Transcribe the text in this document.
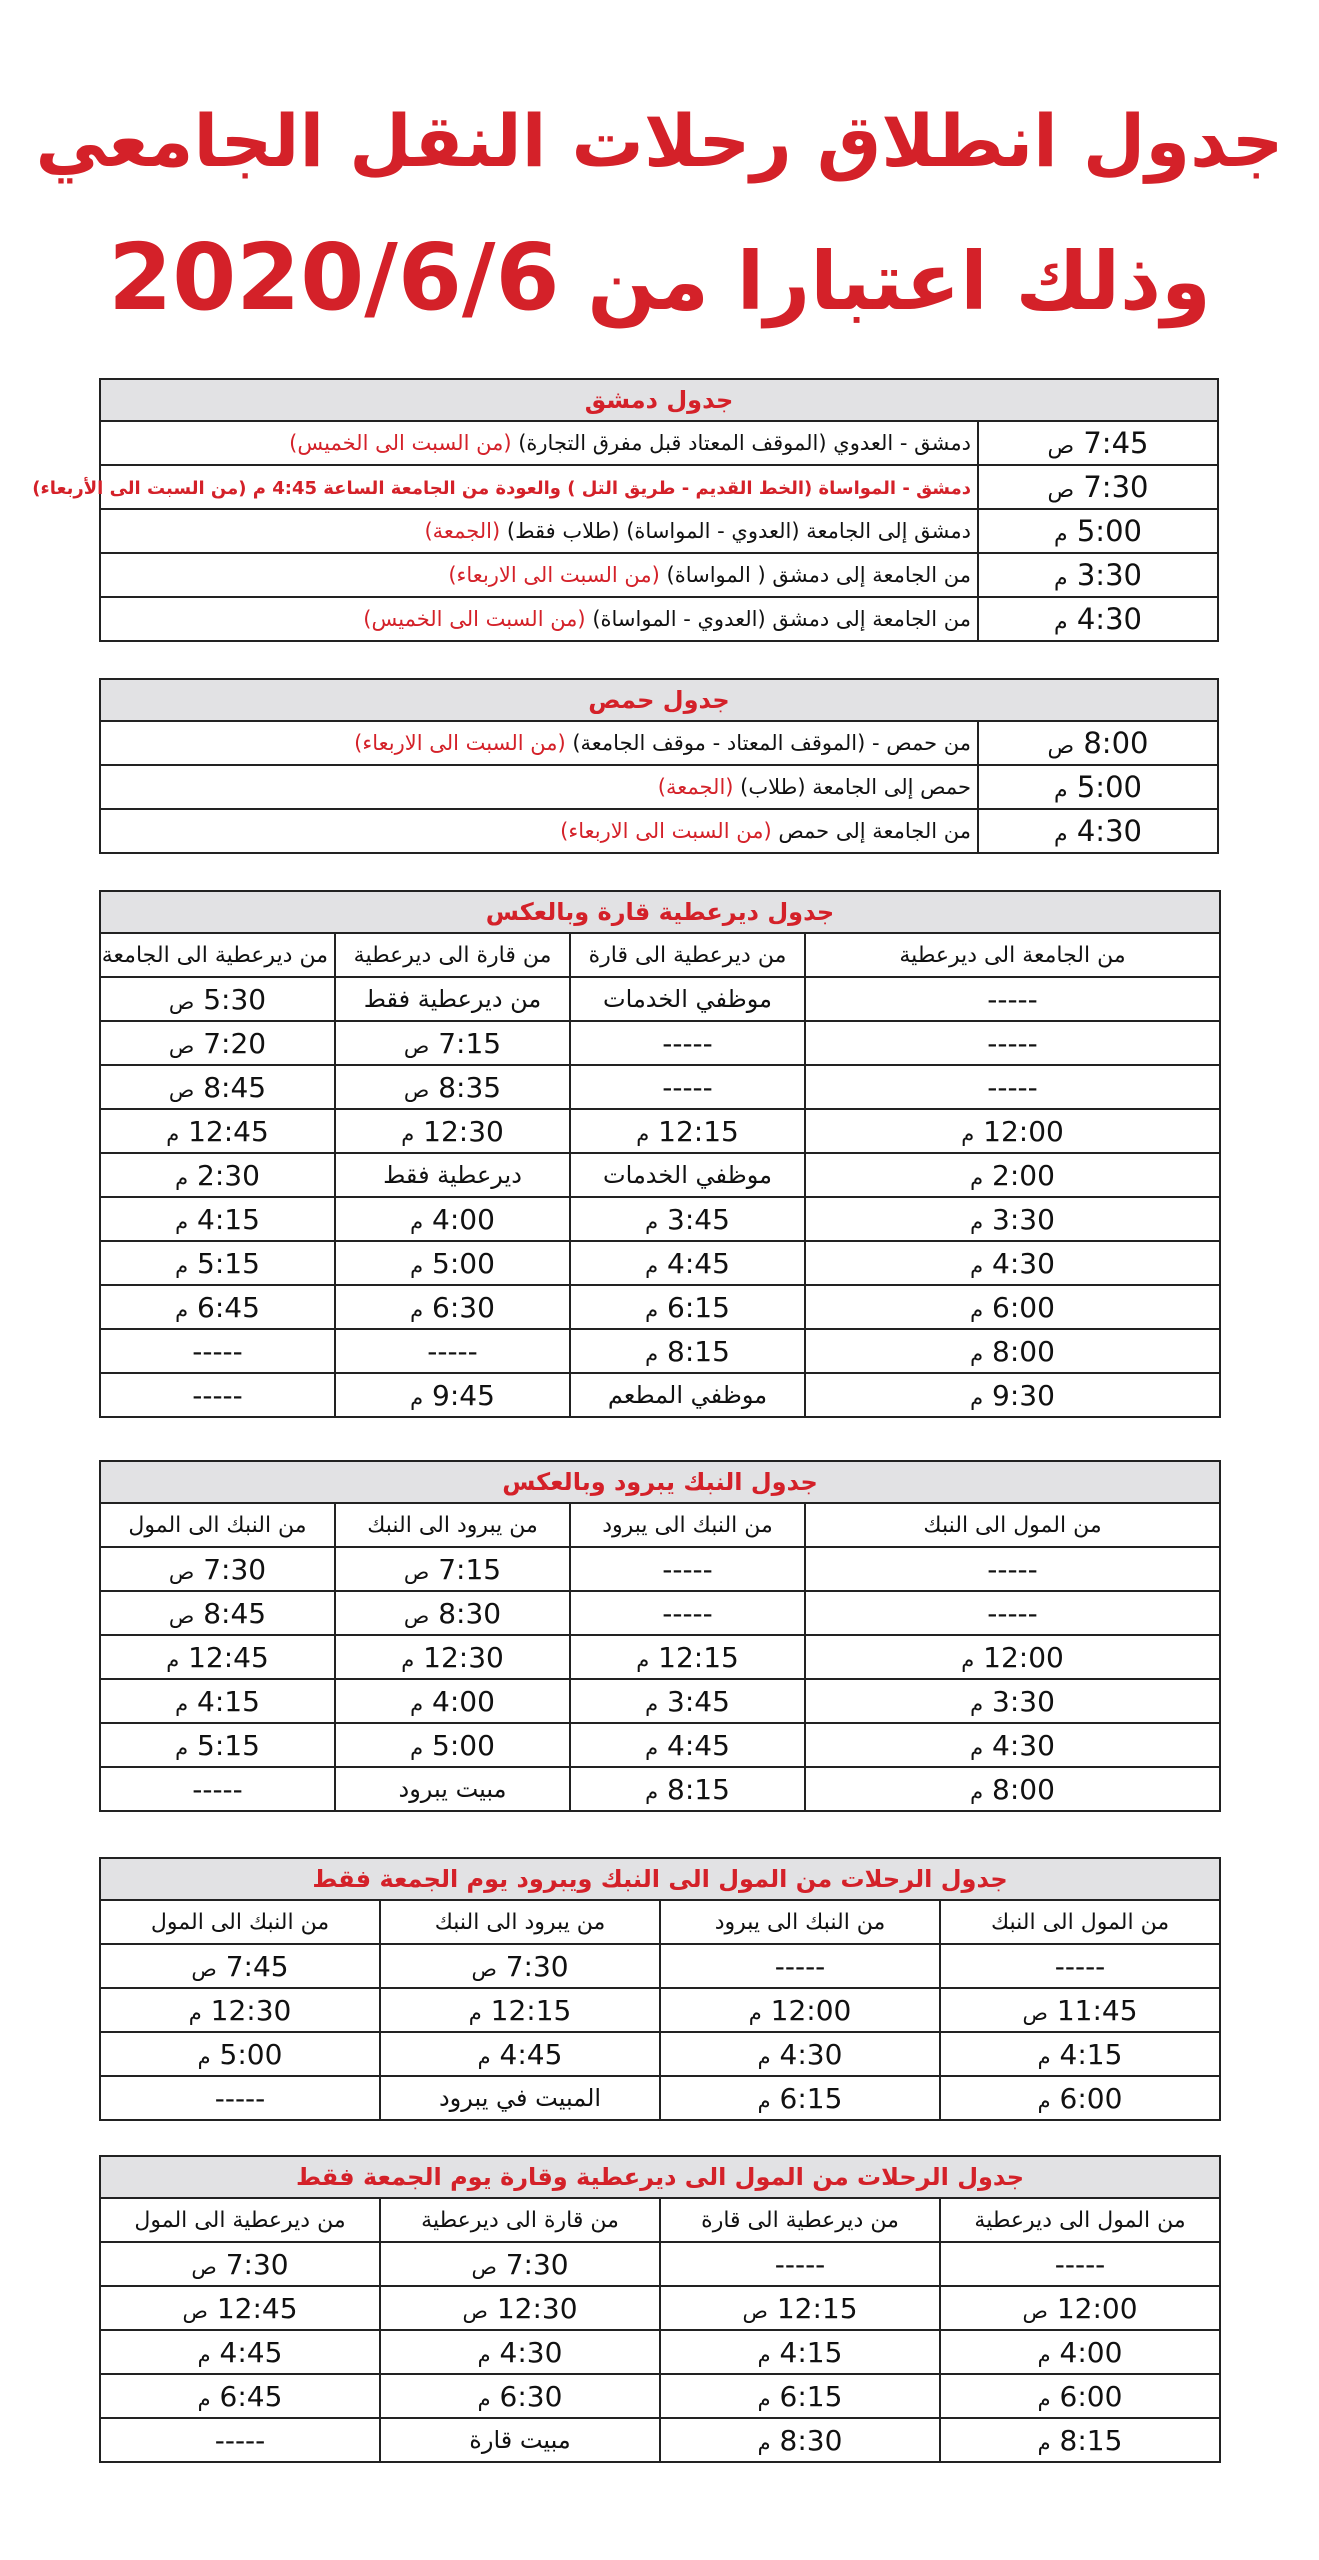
جدول انطلاق رحلات النقل الجامعي
وذلك اعتبارا من 2020/6/6
جدول دمشق	
7:45 ص	دمشق - العدوي (الموقف المعتاد قبل مفرق التجارة) (من السبت الى الخميس)
7:30 ص	دمشق - المواساة (الخط القديم - طريق التل ) والعودة من الجامعة الساعة 4:45 م (من السبت الى الأربعاء)
5:00 م	دمشق إلى الجامعة (العدوي - المواساة) (طلاب فقط) (الجمعة)
3:30 م	من الجامعة إلى دمشق ( المواساة) (من السبت الى الاربعاء)
4:30 م	من الجامعة إلى دمشق (العدوي - المواساة) (من السبت الى الخميس)
جدول حمص	
8:00 ص	من حمص - (الموقف المعتاد - موقف الجامعة) (من السبت الى الاربعاء)
5:00 م	حمص إلى الجامعة (طلاب) (الجمعة)
4:30 م	من الجامعة إلى حمص (من السبت الى الاربعاء)
جدول ديرعطية قارة وبالعكس			
من الجامعة الى ديرعطية	من ديرعطية الى قارة	من قارة الى ديرعطية	من ديرعطية الى الجامعة
-----	موظفي الخدمات	من ديرعطية فقط	5:30 ص
-----	-----	7:15 ص	7:20 ص
-----	-----	8:35 ص	8:45 ص
12:00 م	12:15 م	12:30 م	12:45 م
2:00 م	موظفي الخدمات	ديرعطية فقط	2:30 م
3:30 م	3:45 م	4:00 م	4:15 م
4:30 م	4:45 م	5:00 م	5:15 م
6:00 م	6:15 م	6:30 م	6:45 م
8:00 م	8:15 م	-----	-----
9:30 م	موظفي المطعم	9:45 م	-----
جدول النبك يبرود وبالعكس			
من المول الى النبك	من النبك الى يبرود	من يبرود الى النبك	من النبك الى المول
-----	-----	7:15 ص	7:30 ص
-----	-----	8:30 ص	8:45 ص
12:00 م	12:15 م	12:30 م	12:45 م
3:30 م	3:45 م	4:00 م	4:15 م
4:30 م	4:45 م	5:00 م	5:15 م
8:00 م	8:15 م	مبيت يبرود	-----
جدول الرحلات من المول الى النبك ويبرود يوم الجمعة فقط			
من المول الى النبك	من النبك الى يبرود	من يبرود الى النبك	من النبك الى المول
-----	-----	7:30 ص	7:45 ص
11:45 ص	12:00 م	12:15 م	12:30 م
4:15 م	4:30 م	4:45 م	5:00 م
6:00 م	6:15 م	المبيت في يبرود	-----
جدول الرحلات من المول الى ديرعطية وقارة يوم الجمعة فقط			
من المول الى ديرعطية	من ديرعطية الى قارة	من قارة الى ديرعطية	من ديرعطية الى المول
-----	-----	7:30 ص	7:30 ص
12:00 ص	12:15 ص	12:30 ص	12:45 ص
4:00 م	4:15 م	4:30 م	4:45 م
6:00 م	6:15 م	6:30 م	6:45 م
8:15 م	8:30 م	مبيت قارة	-----
